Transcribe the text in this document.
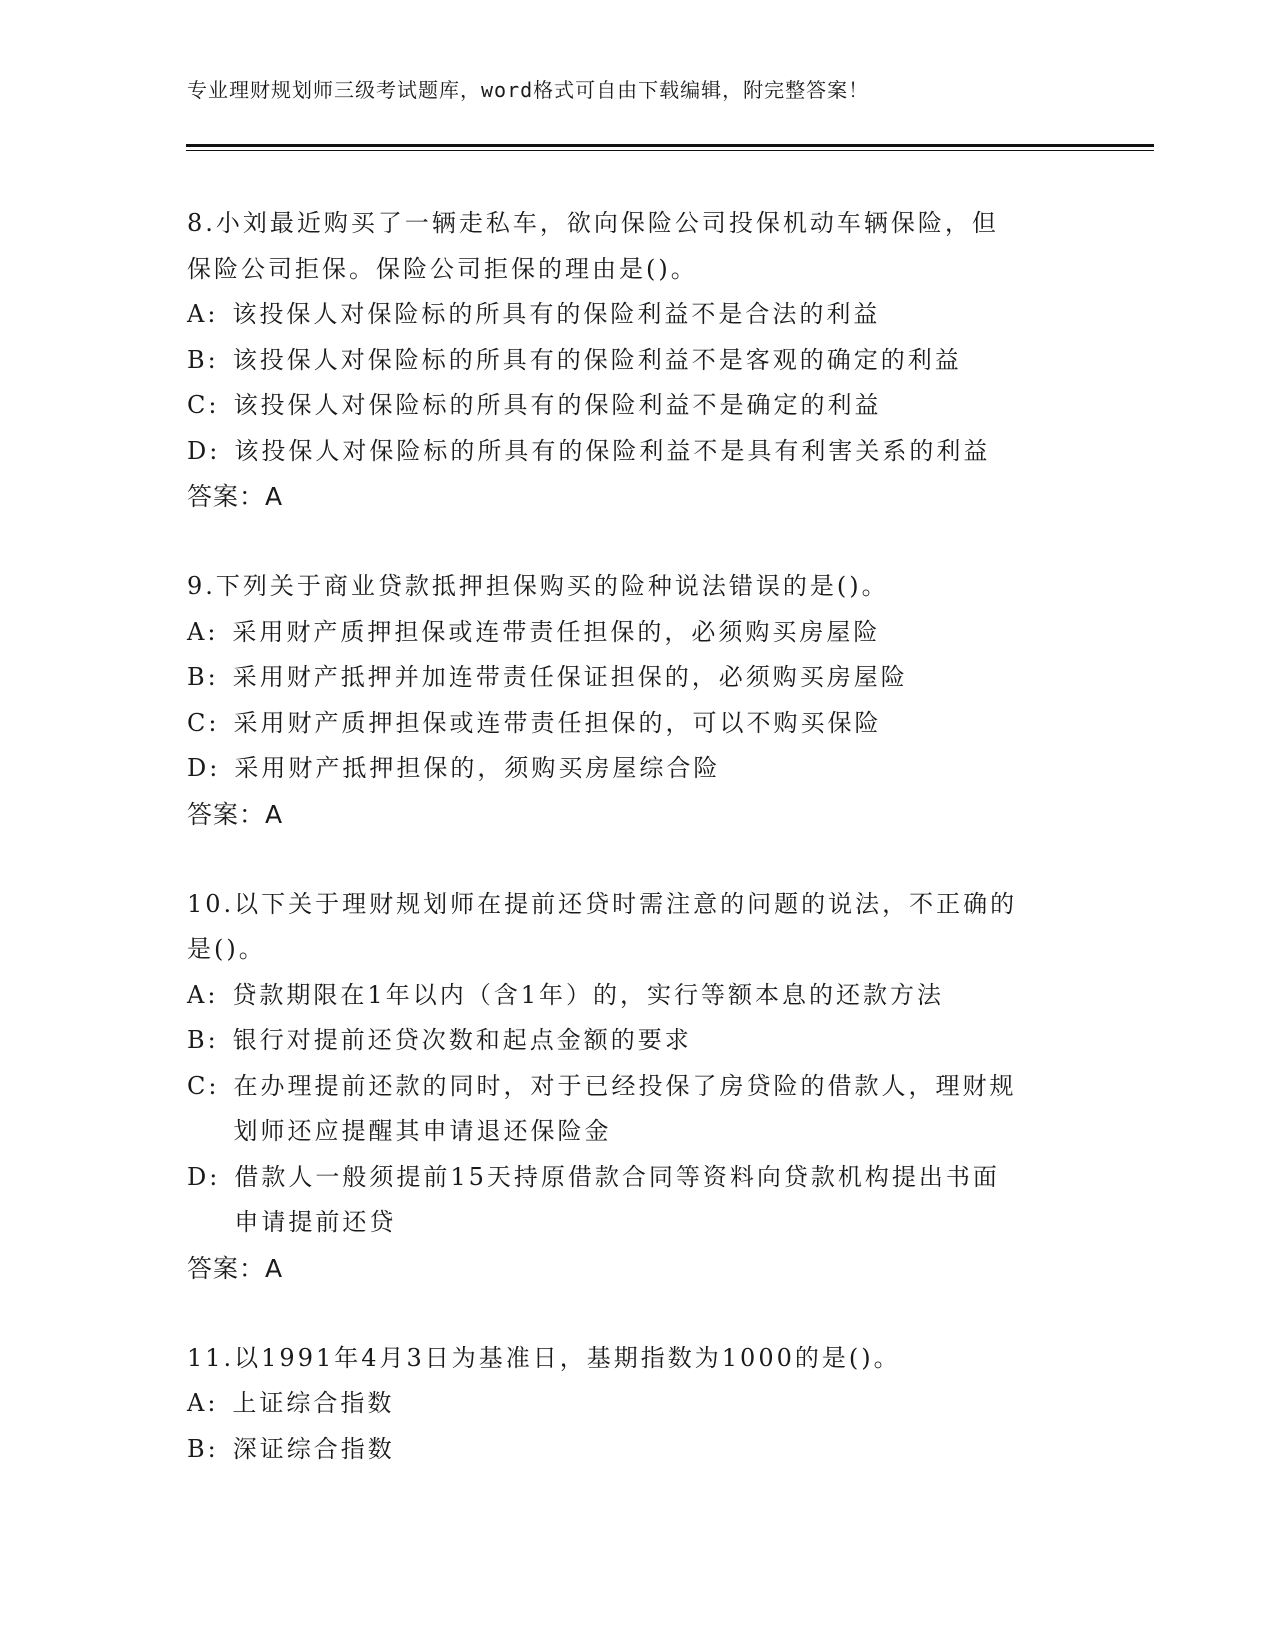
专业理财规划师三级考试题库，word格式可自由下载编辑，附完整答案！
8.小刘最近购买了一辆走私车，欲向保险公司投保机动车辆保险，但
保险公司拒保。保险公司拒保的理由是()。
A: 该投保人对保险标的所具有的保险利益不是合法的利益
B: 该投保人对保险标的所具有的保险利益不是客观的确定的利益
C: 该投保人对保险标的所具有的保险利益不是确定的利益
D: 该投保人对保险标的所具有的保险利益不是具有利害关系的利益
答案：A
9.下列关于商业贷款抵押担保购买的险种说法错误的是()。
A: 采用财产质押担保或连带责任担保的，必须购买房屋险
B: 采用财产抵押并加连带责任保证担保的，必须购买房屋险
C: 采用财产质押担保或连带责任担保的，可以不购买保险
D: 采用财产抵押担保的，须购买房屋综合险
答案：A
10.以下关于理财规划师在提前还贷时需注意的问题的说法，不正确的
是()。
A: 贷款期限在1年以内（含1年）的，实行等额本息的还款方法
B: 银行对提前还贷次数和起点金额的要求
C: 在办理提前还款的同时，对于已经投保了房贷险的借款人，理财规
划师还应提醒其申请退还保险金
D: 借款人一般须提前15天持原借款合同等资料向贷款机构提出书面
申请提前还贷
答案：A
11.以1991年4月3日为基准日，基期指数为1000的是()。
A: 上证综合指数
B: 深证综合指数
